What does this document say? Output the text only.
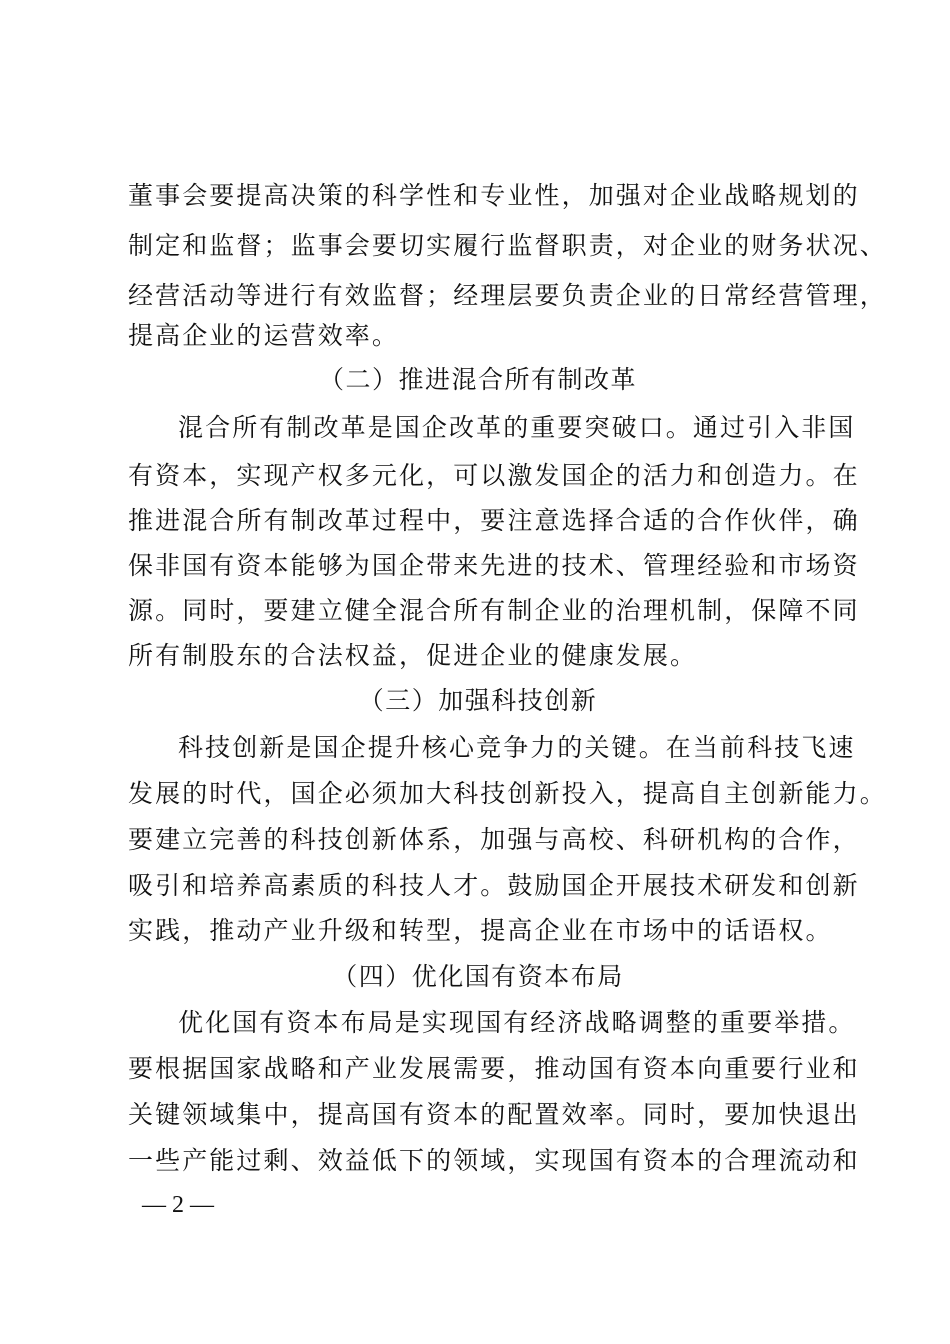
董事会要提高决策的科学性和专业性，加强对企业战略规划的
制定和监督；监事会要切实履行监督职责，对企业的财务状况、
经营活动等进行有效监督；经理层要负责企业的日常经营管理，
提高企业的运营效率。
（二）推进混合所有制改革
混合所有制改革是国企改革的重要突破口。通过引入非国
有资本，实现产权多元化，可以激发国企的活力和创造力。在
推进混合所有制改革过程中，要注意选择合适的合作伙伴，确
保非国有资本能够为国企带来先进的技术、管理经验和市场资
源。同时，要建立健全混合所有制企业的治理机制，保障不同
所有制股东的合法权益，促进企业的健康发展。
（三）加强科技创新
科技创新是国企提升核心竞争力的关键。在当前科技飞速
发展的时代，国企必须加大科技创新投入，提高自主创新能力。
要建立完善的科技创新体系，加强与高校、科研机构的合作，
吸引和培养高素质的科技人才。鼓励国企开展技术研发和创新
实践，推动产业升级和转型，提高企业在市场中的话语权。
（四）优化国有资本布局
优化国有资本布局是实现国有经济战略调整的重要举措。
要根据国家战略和产业发展需要，推动国有资本向重要行业和
关键领域集中，提高国有资本的配置效率。同时，要加快退出
一些产能过剩、效益低下的领域，实现国有资本的合理流动和
— 2 —
